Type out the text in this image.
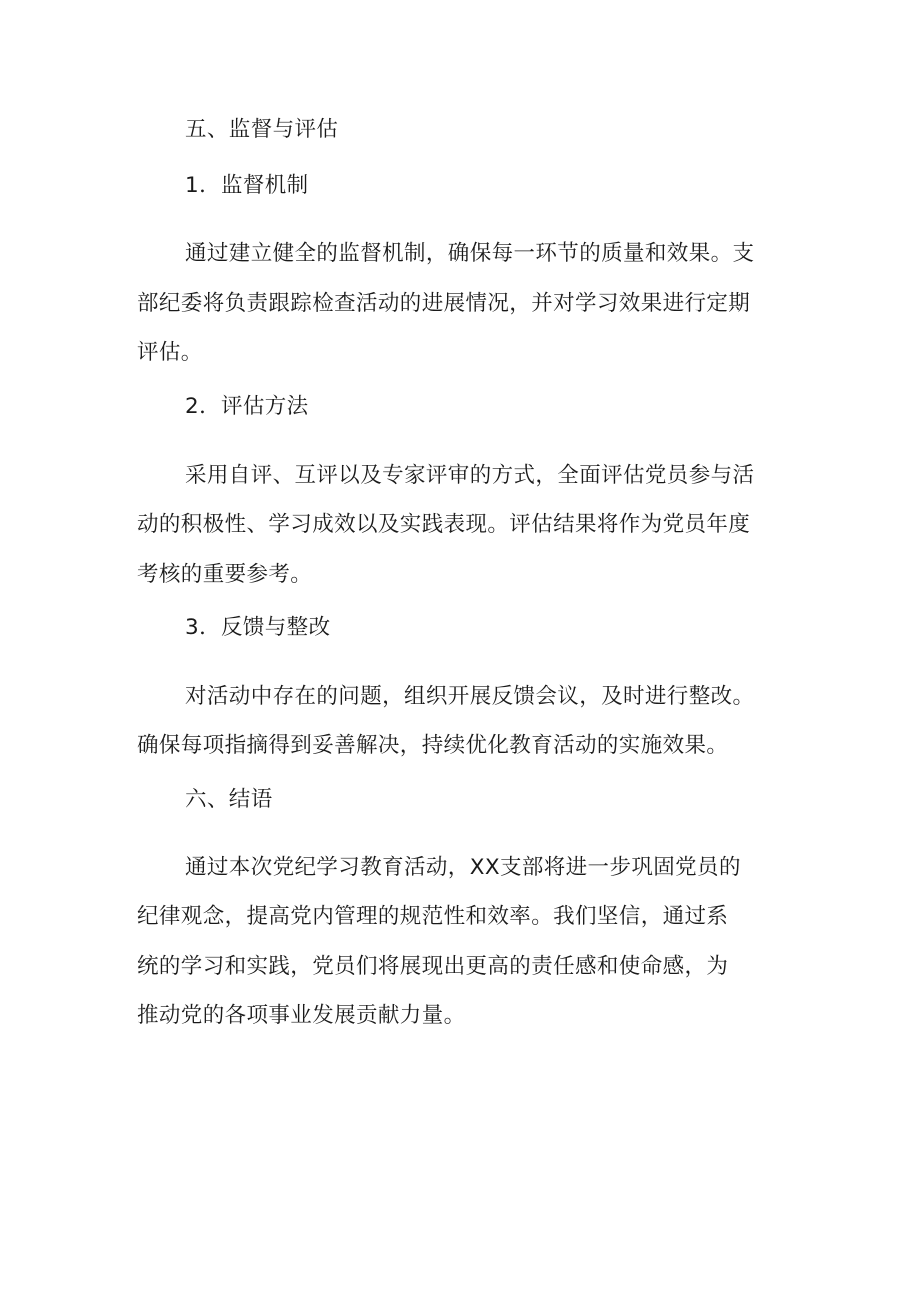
五、监督与评估
1．监督机制
通过建立健全的监督机制，确保每一环节的质量和效果。支
部纪委将负责跟踪检查活动的进展情况，并对学习效果进行定期
评估。
2．评估方法
采用自评、互评以及专家评审的方式，全面评估党员参与活
动的积极性、学习成效以及实践表现。评估结果将作为党员年度
考核的重要参考。
3．反馈与整改
对活动中存在的问题，组织开展反馈会议，及时进行整改。
确保每项指摘得到妥善解决，持续优化教育活动的实施效果。
六、结语
通过本次党纪学习教育活动，XX支部将进一步巩固党员的
纪律观念，提高党内管理的规范性和效率。我们坚信，通过系
统的学习和实践，党员们将展现出更高的责任感和使命感，为
推动党的各项事业发展贡献力量。
